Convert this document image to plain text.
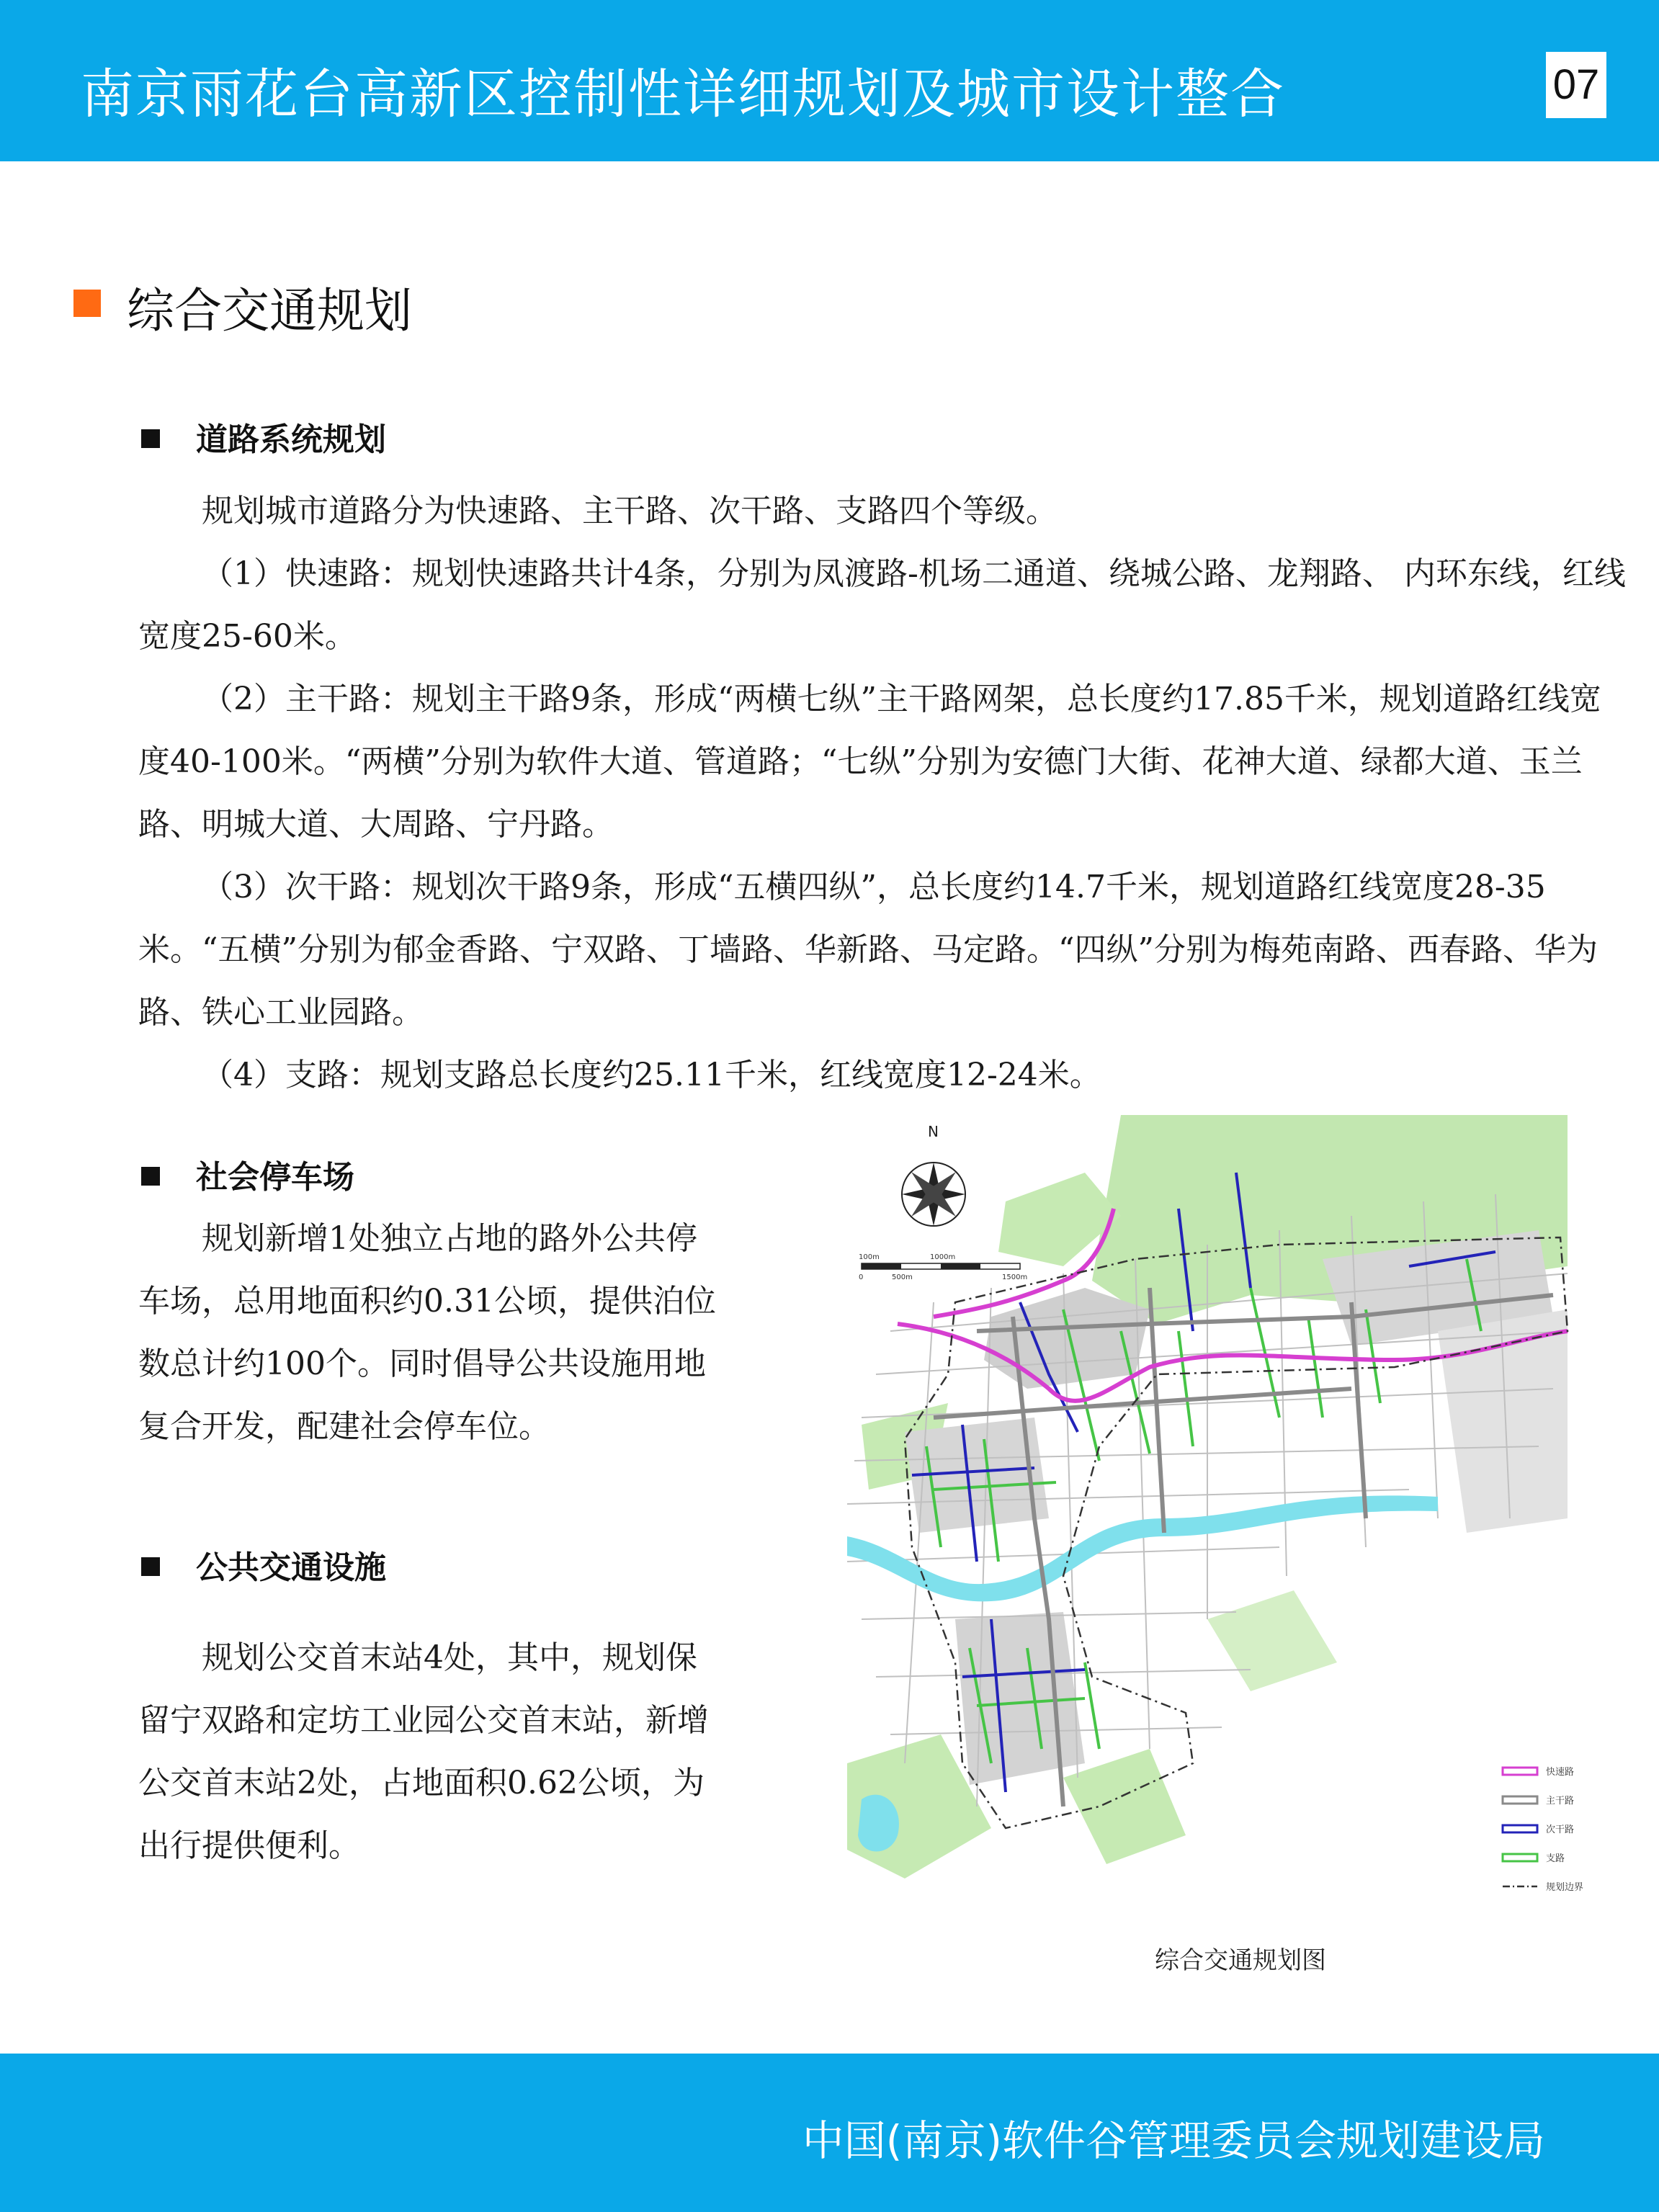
南京雨花台高新区控制性详细规划及城市设计整合	07
综合交通规划
道路系统规划

规划城市道路分为快速路、主干路、次干路、支路四个等级。

（1）快速路：规划快速路共计4条，分别为凤渡路-机场二通道、绕城公路、龙翔路、 内环东线，红线宽度25-60米。

（2）主干路：规划主干路9条，形成“两横七纵”主干路网架，总长度约17.85千米，规划道路红线宽度40-100米。“两横”分别为软件大道、管道路；“七纵”分别为安德门大街、花神大道、绿都大道、玉兰路、明城大道、大周路、宁丹路。

（3）次干路：规划次干路9条，形成“五横四纵”，总长度约14.7千米，规划道路红线宽度28-35米。“五横”分别为郁金香路、宁双路、丁墙路、华新路、马定路。“四纵”分别为梅苑南路、西春路、华为路、铁心工业园路。

（4）支路：规划支路总长度约25.11千米，红线宽度12-24米。

社会停车场

规划新增1处独立占地的路外公共停车场，总用地面积约0.31公顷，提供泊位数总计约100个。同时倡导公共设施用地复合开发，配建社会停车位。

公共交通设施

规划公交首末站4处，其中，规划保留宁双路和定坊工业园公交首末站，新增公交首末站2处，占地面积0.62公顷，为出行提供便利。

N
0
100m
500m
1000m
1500m
快速路
主干路
次干路
支路
规划边界
综合交通规划图
中国(南京)软件谷管理委员会规划建设局
